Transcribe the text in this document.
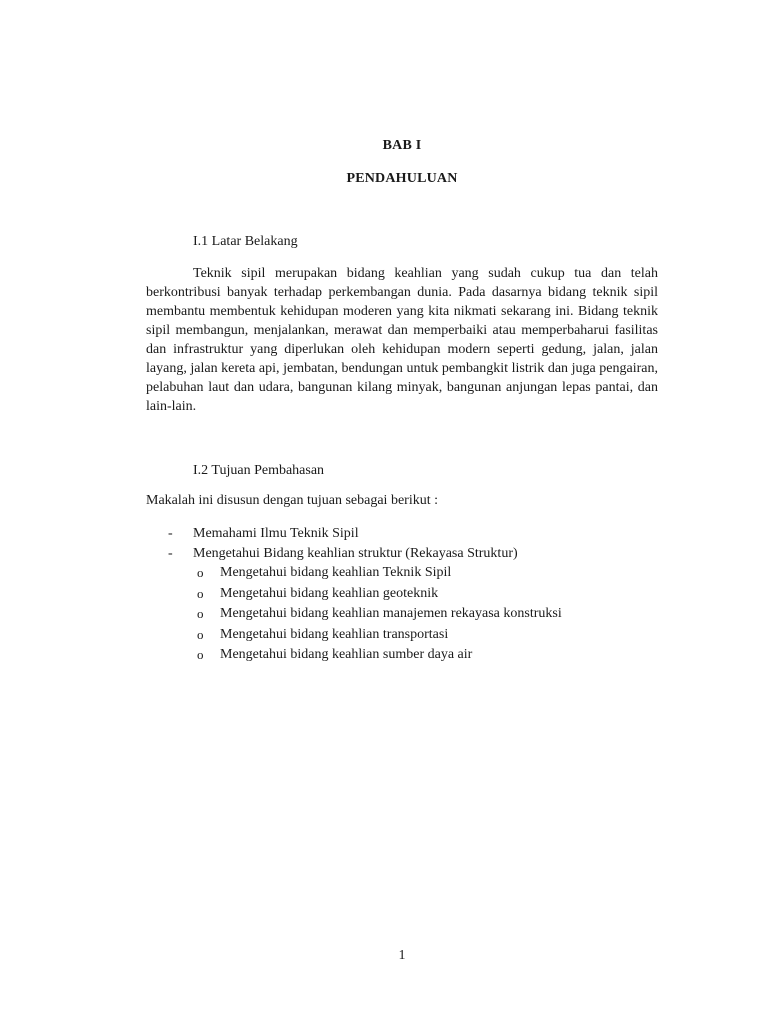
BAB I
PENDAHULUAN
I.1 Latar Belakang

Teknik sipil merupakan bidang keahlian yang sudah cukup tua dan telah berkontribusi banyak terhadap perkembangan dunia. Pada dasarnya bidang teknik sipil membantu membentuk kehidupan moderen yang kita nikmati sekarang ini. Bidang teknik sipil membangun, menjalankan, merawat dan memperbaiki atau memperbaharui fasilitas dan infrastruktur yang diperlukan oleh kehidupan modern seperti gedung, jalan, jalan layang, jalan kereta api, jembatan, bendungan untuk pembangkit listrik dan juga pengairan, pelabuhan laut dan udara, bangunan kilang minyak, bangunan anjungan lepas pantai, dan lain-lain.

I.2 Tujuan Pembahasan
Makalah ini disusun dengan tujuan sebagai berikut :
- Memahami Ilmu Teknik Sipil
- Mengetahui Bidang keahlian struktur (Rekayasa Struktur)
o Mengetahui bidang keahlian Teknik Sipil
o Mengetahui bidang keahlian geoteknik
o Mengetahui bidang keahlian manajemen rekayasa konstruksi
o Mengetahui bidang keahlian transportasi
o Mengetahui bidang keahlian sumber daya air
1
